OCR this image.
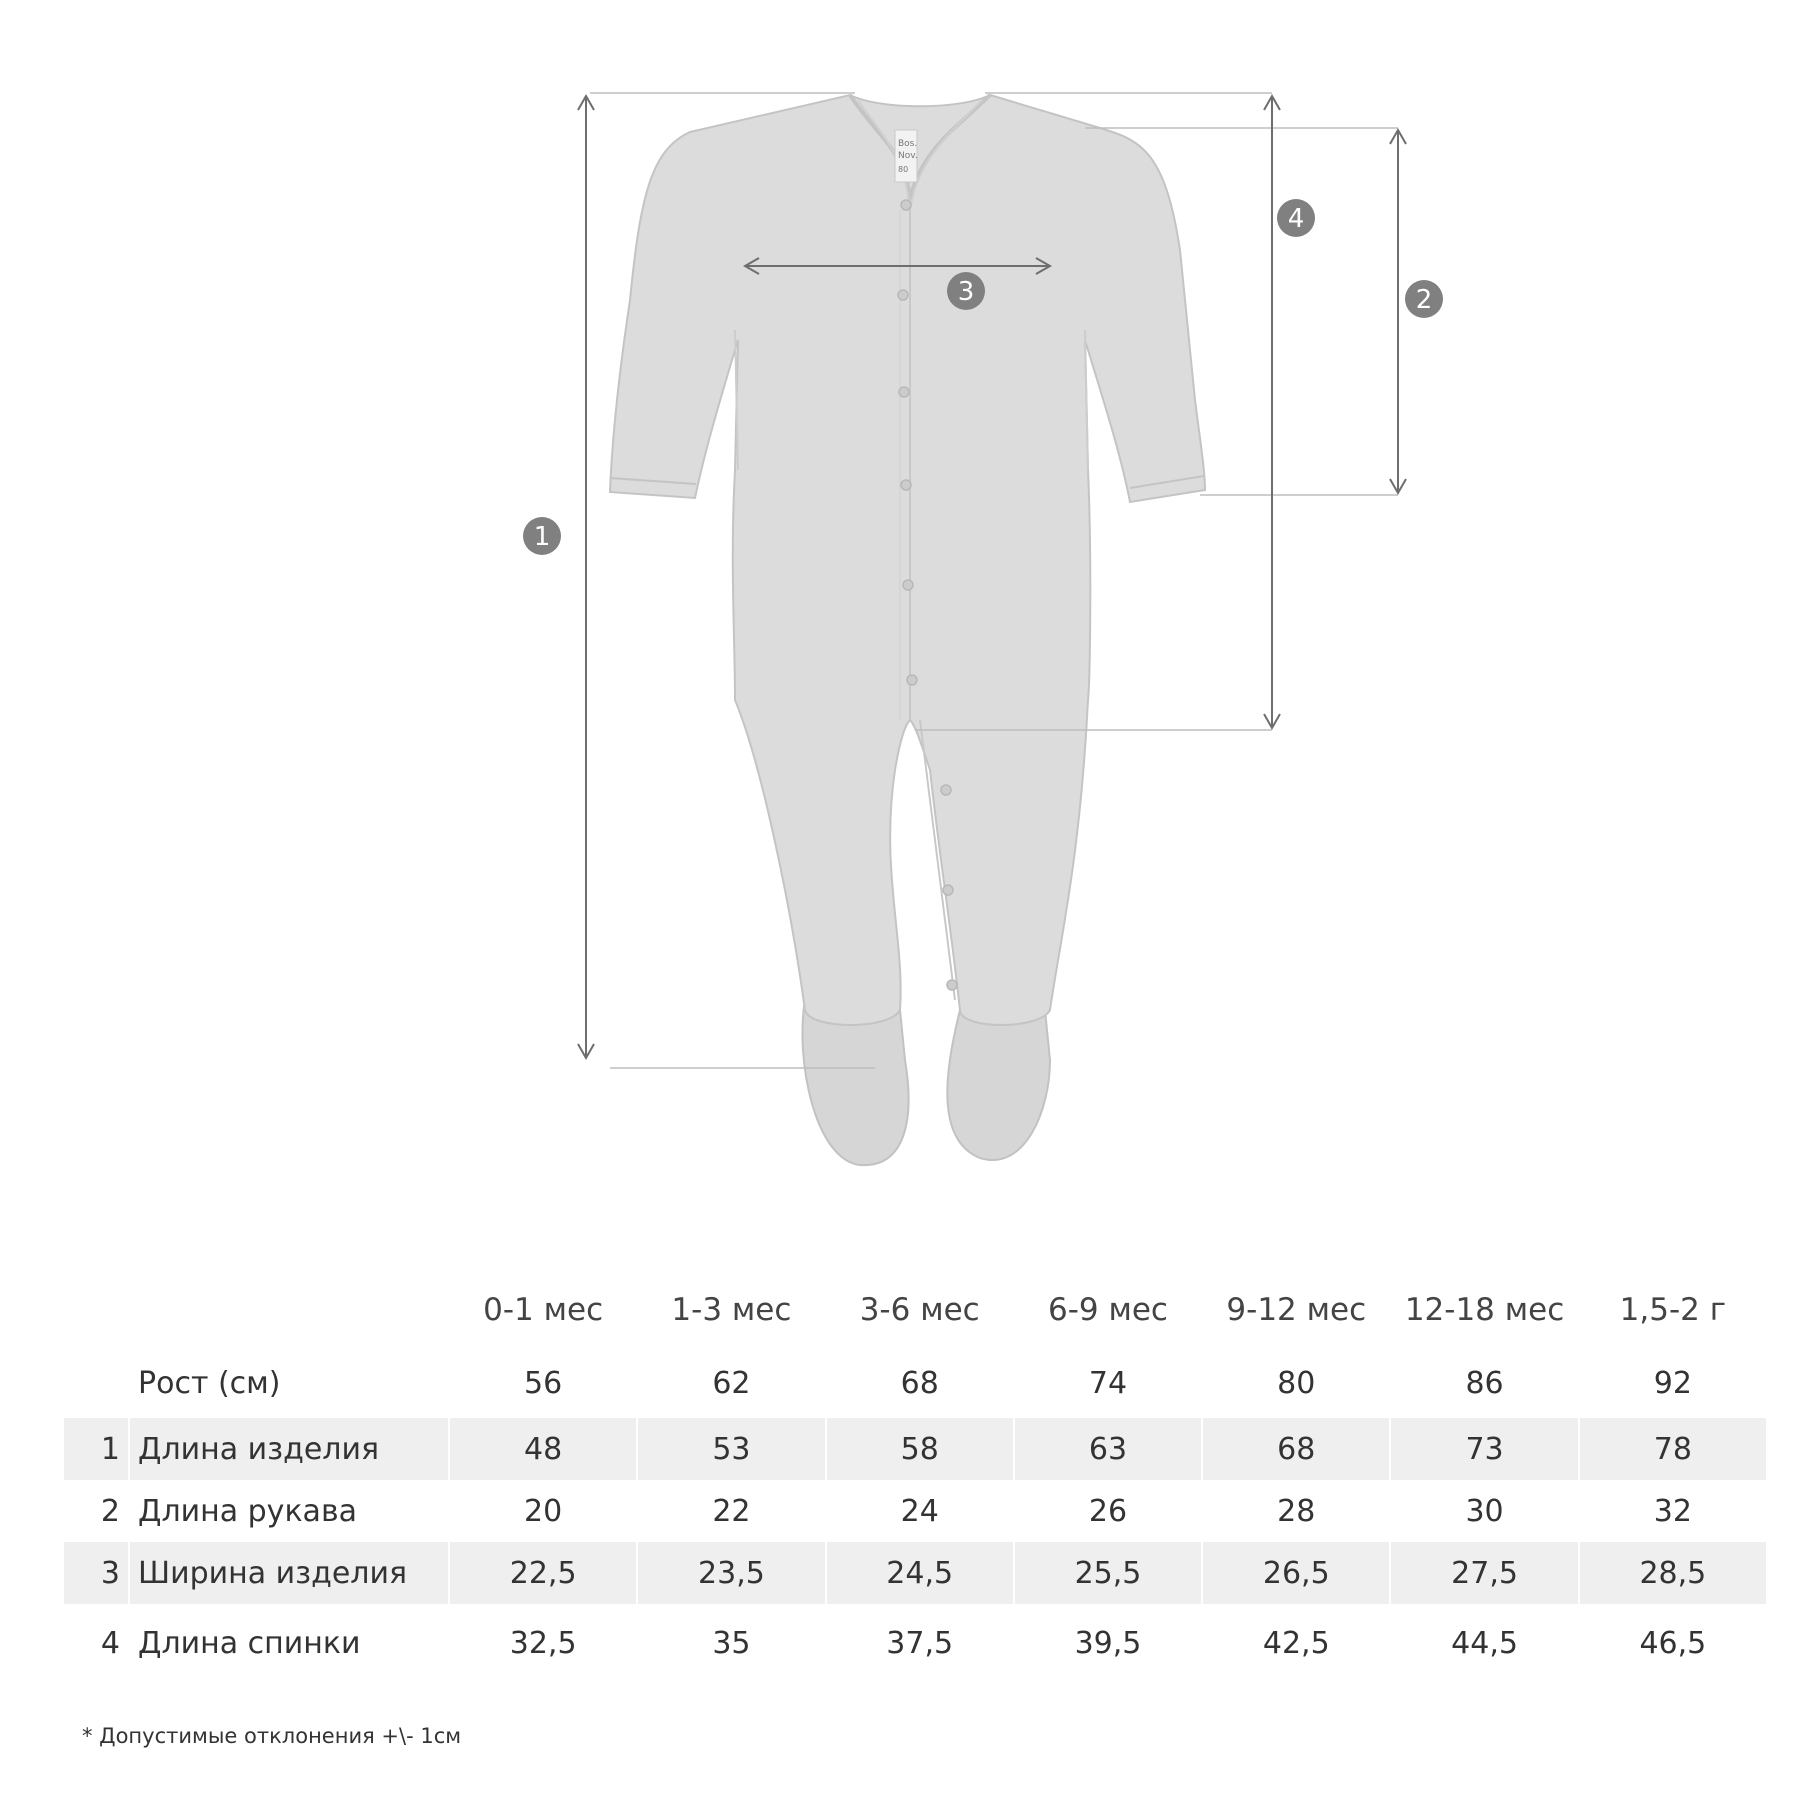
Bos.
Nov.
80
1
4
2
3
		0-1 мес	1-3 мес	3-6 мес	6-9 мес	9-12 мес	12-18 мес	1,5-2 г
	Рост (см)	56	62	68	74	80	86	92
1	Длина изделия	48	53	58	63	68	73	78
2	Длина рукава	20	22	24	26	28	30	32
3	Ширина изделия	22,5	23,5	24,5	25,5	26,5	27,5	28,5
4	Длина спинки	32,5	35	37,5	39,5	42,5	44,5	46,5
* Допустимые отклонения +\- 1см
